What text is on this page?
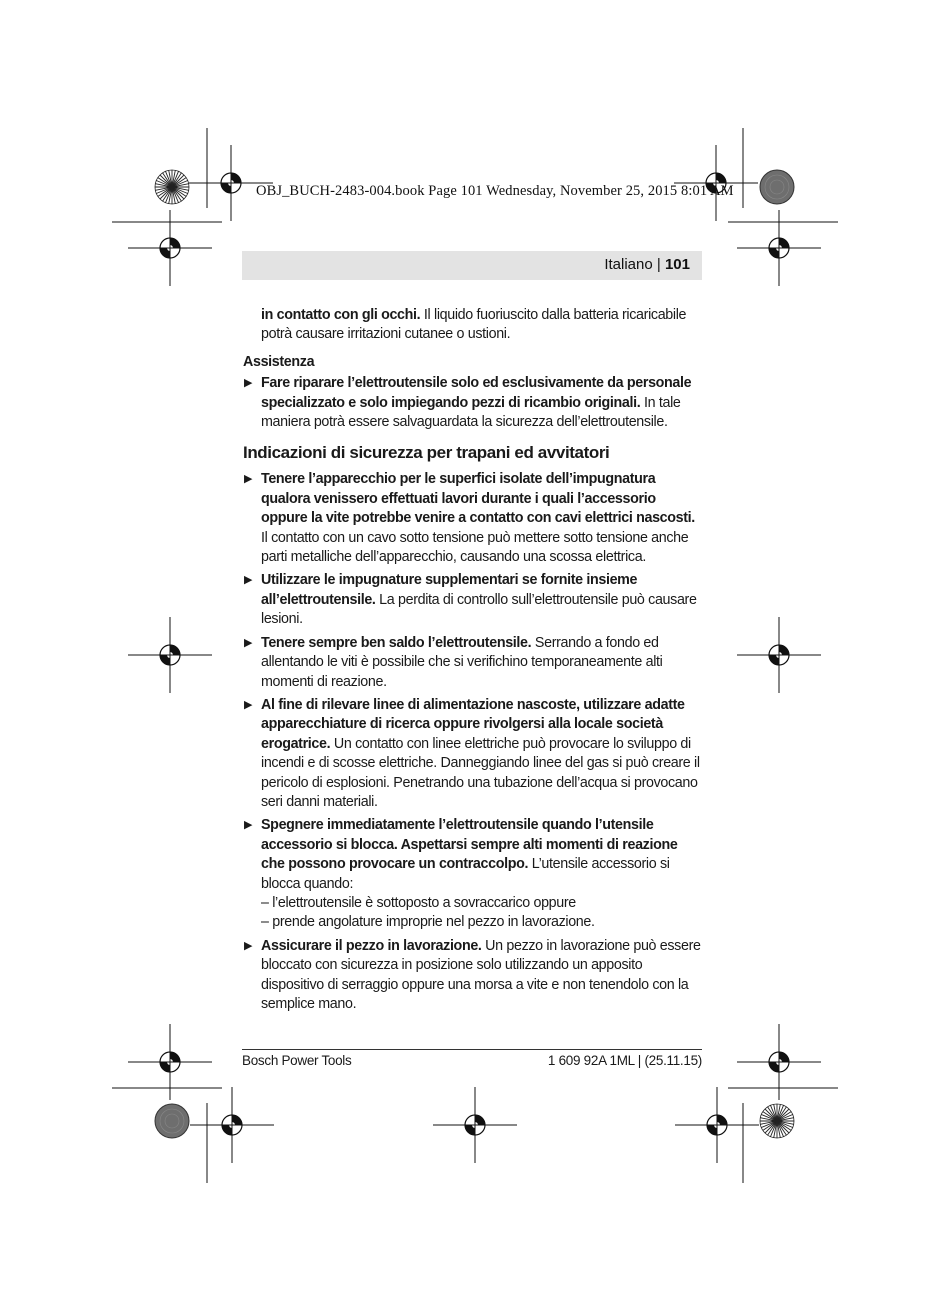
OBJ_BUCH-2483-004.book Page 101 Wednesday, November 25, 2015 8:01 AM
Italiano | 101

in contatto con gli occhi. Il liquido fuoriuscito dalla batteria ricaricabile potrà causare irritazioni cutanee o ustioni.

Assistenza

▶ Fare riparare l’elettroutensile solo ed esclusivamente da personale specializzato e solo impiegando pezzi di ricambio originali. In tale maniera potrà essere salvaguardata la sicurezza dell’elettroutensile.

Indicazioni di sicurezza per trapani ed avvitatori

▶ Tenere l’apparecchio per le superfici isolate dell’impugnatura qualora venissero effettuati lavori durante i quali l’accessorio oppure la vite potrebbe venire a contatto con cavi elettrici nascosti. Il contatto con un cavo sotto tensione può mettere sotto tensione anche parti metalliche dell’apparecchio, causando una scossa elettrica.

▶ Utilizzare le impugnature supplementari se fornite insieme all’elettroutensile. La perdita di controllo sull’elettroutensile può causare lesioni.

▶ Tenere sempre ben saldo l’elettroutensile. Serrando a fondo ed allentando le viti è possibile che si verifichino temporaneamente alti momenti di reazione.

▶ Al fine di rilevare linee di alimentazione nascoste, utilizzare adatte apparecchiature di ricerca oppure rivolgersi alla locale società erogatrice. Un contatto con linee elettriche può provocare lo sviluppo di incendi e di scosse elettriche. Danneggiando linee del gas si può creare il pericolo di esplosioni. Penetrando una tubazione dell’acqua si provocano seri danni materiali.

▶ Spegnere immediatamente l’elettroutensile quando l’utensile accessorio si blocca. Aspettarsi sempre alti momenti di reazione che possono provocare un contraccolpo. L’utensile accessorio si blocca quando:
– l’elettroutensile è sottoposto a sovraccarico oppure
– prende angolature improprie nel pezzo in lavorazione.

▶ Assicurare il pezzo in lavorazione. Un pezzo in lavorazione può essere bloccato con sicurezza in posizione solo utilizzando un apposito dispositivo di serraggio oppure una morsa a vite e non tenendolo con la semplice mano.

Bosch Power Tools	1 609 92A 1ML | (25.11.15)
